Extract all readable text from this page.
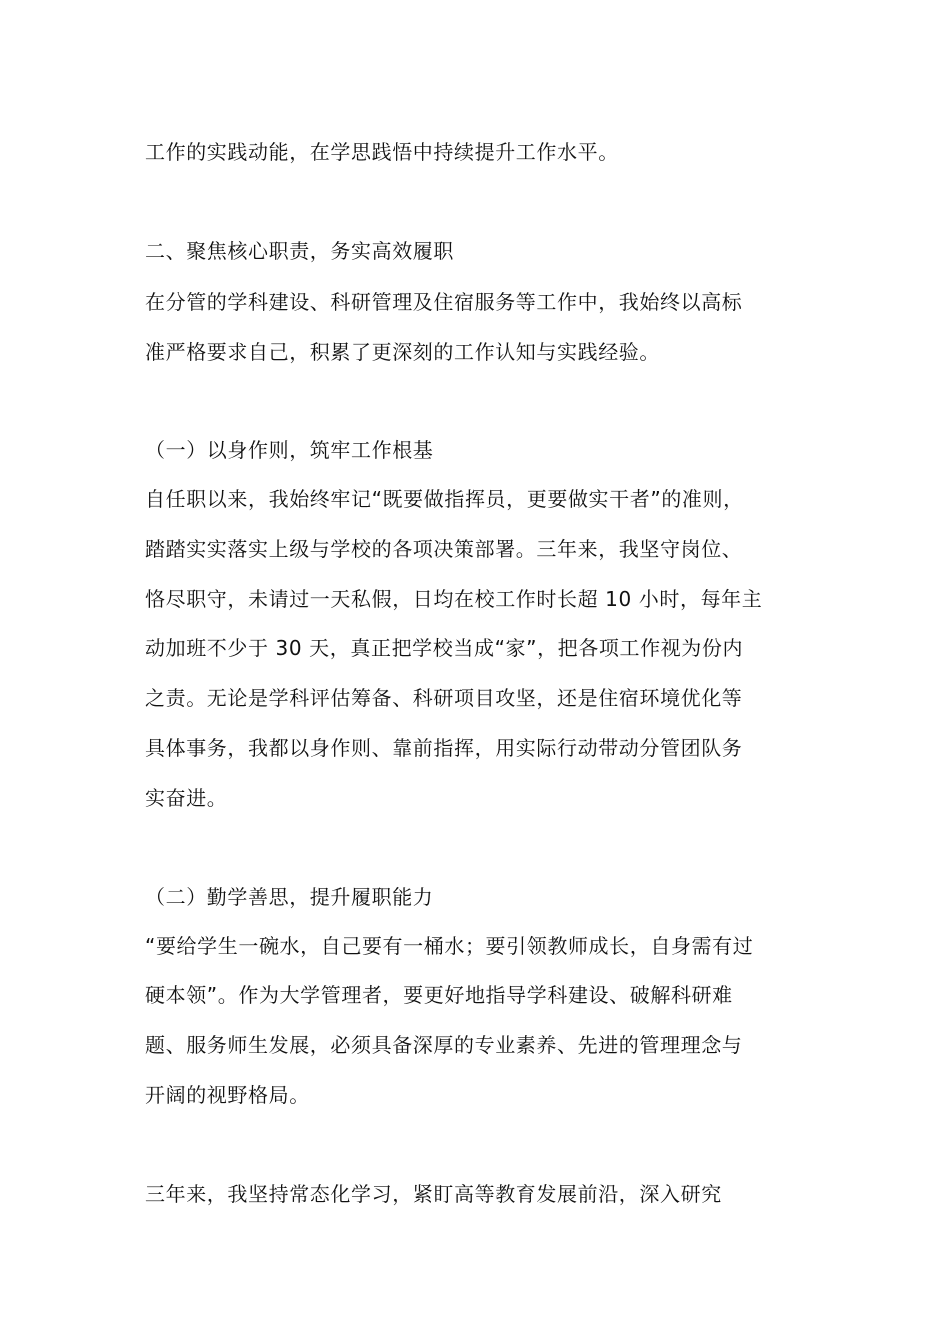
工作的实践动能，在学思践悟中持续提升工作水平。
二、聚焦核心职责，务实高效履职
在分管的学科建设、科研管理及住宿服务等工作中，我始终以高标
准严格要求自己，积累了更深刻的工作认知与实践经验。
（一）以身作则，筑牢工作根基
自任职以来，我始终牢记“既要做指挥员，更要做实干者”的准则，
踏踏实实落实上级与学校的各项决策部署。三年来，我坚守岗位、
恪尽职守，未请过一天私假，日均在校工作时长超 10 小时，每年主
动加班不少于 30 天，真正把学校当成“家”，把各项工作视为份内
之责。无论是学科评估筹备、科研项目攻坚，还是住宿环境优化等
具体事务，我都以身作则、靠前指挥，用实际行动带动分管团队务
实奋进。
（二）勤学善思，提升履职能力
“要给学生一碗水，自己要有一桶水；要引领教师成长，自身需有过
硬本领”。作为大学管理者，要更好地指导学科建设、破解科研难
题、服务师生发展，必须具备深厚的专业素养、先进的管理理念与
开阔的视野格局。
三年来，我坚持常态化学习，紧盯高等教育发展前沿，深入研究
